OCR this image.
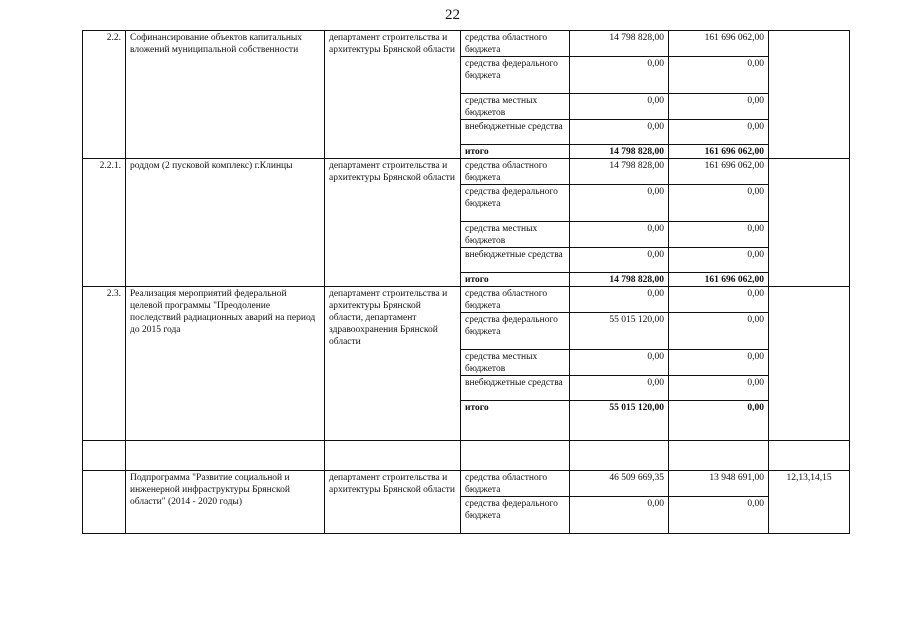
22
2.2.	Софинансирование объектов капитальных вложений муниципальной собственности	департамент строительства и архитектуры Брянской области	средства областного бюджета	14 798 828,00	161 696 062,00	
			средства федерального бюджета	0,00	0,00	
			средства местных бюджетов	0,00	0,00	
			внебюджетные средства	0,00	0,00	
			итого	14 798 828,00	161 696 062,00	
2.2.1.	роддом (2 пусковой комплекс) г.Клинцы	департамент строительства и архитектуры Брянской области	средства областного бюджета	14 798 828,00	161 696 062,00	
			средства федерального бюджета	0,00	0,00	
			средства местных бюджетов	0,00	0,00	
			внебюджетные средства	0,00	0,00	
			итого	14 798 828,00	161 696 062,00	
2.3.	Реализация мероприятий федеральной целевой программы "Преодоление последствий радиационных аварий на период до 2015 года	департамент строительства и архитектуры Брянской области, департамент здравоохранения Брянской области	средства областного бюджета	0,00	0,00	
			средства федерального бюджета	55 015 120,00	0,00	
			средства местных бюджетов	0,00	0,00	
			внебюджетные средства	0,00	0,00	
			итого	55 015 120,00	0,00	

	Подпрограмма "Развитие социальной и инженерной инфраструктуры Брянской области" (2014 - 2020 годы)	департамент строительства и архитектуры Брянской области	средства областного бюджета	46 509 669,35	13 948 691,00	12,13,14,15
			средства федерального бюджета	0,00	0,00	
